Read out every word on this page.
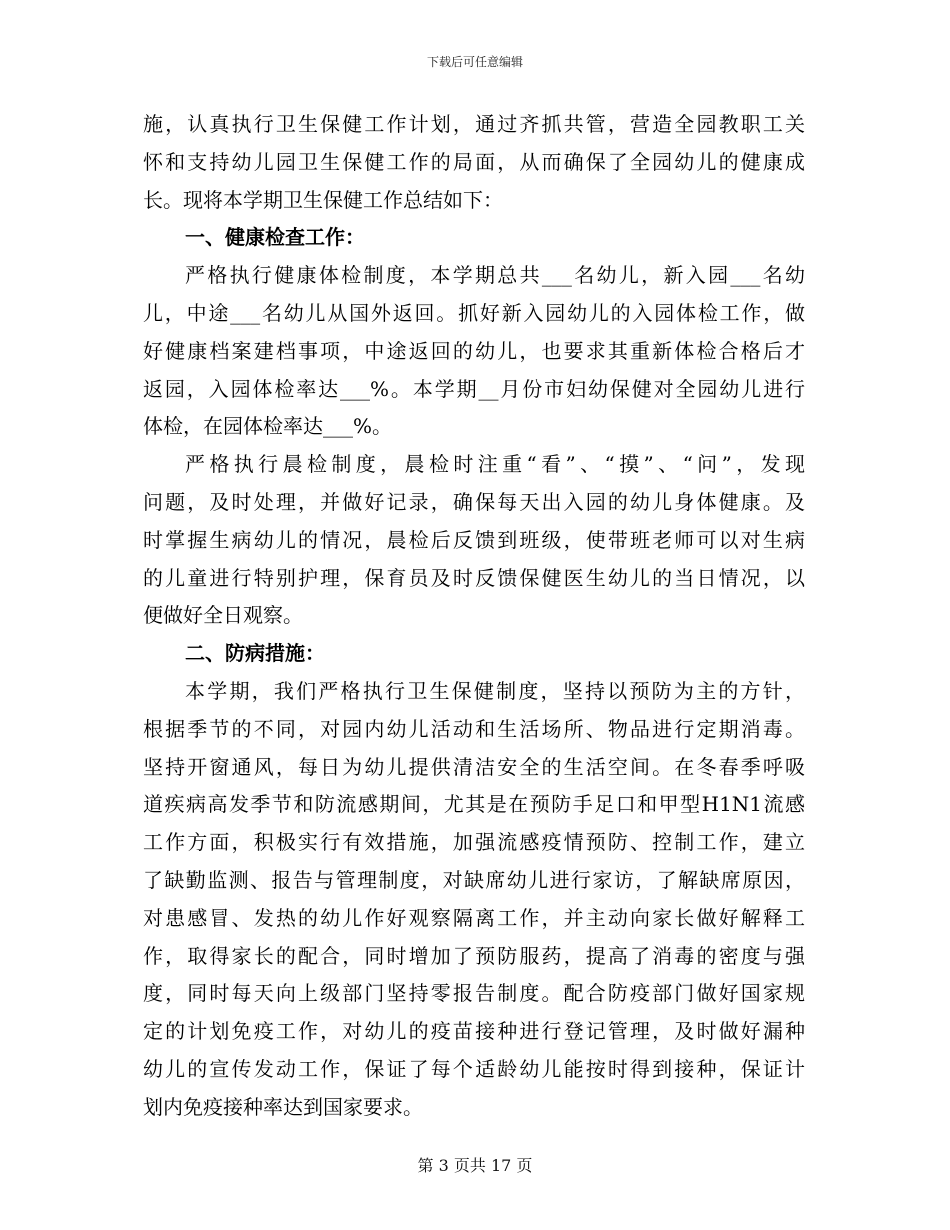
下载后可任意编辑
施，认真执行卫生保健工作计划，通过齐抓共管，营造全园教职工关
怀和支持幼儿园卫生保健工作的局面，从而确保了全园幼儿的健康成
长。现将本学期卫生保健工作总结如下：
一、健康检查工作：
严格执行健康体检制度，本学期总共___名幼儿，新入园___名幼
儿，中途___名幼儿从国外返回。抓好新入园幼儿的入园体检工作，做
好健康档案建档事项，中途返回的幼儿，也要求其重新体检合格后才
返园，入园体检率达___%。本学期__月份市妇幼保健对全园幼儿进行
体检，在园体检率达___%。
严格执行晨检制度，晨检时注重“看”、“摸”、“问”，发现
问题，及时处理，并做好记录，确保每天出入园的幼儿身体健康。及
时掌握生病幼儿的情况，晨检后反馈到班级，使带班老师可以对生病
的儿童进行特别护理，保育员及时反馈保健医生幼儿的当日情况，以
便做好全日观察。
二、防病措施：
本学期，我们严格执行卫生保健制度，坚持以预防为主的方针，
根据季节的不同，对园内幼儿活动和生活场所、物品进行定期消毒。
坚持开窗通风，每日为幼儿提供清洁安全的生活空间。在冬春季呼吸
道疾病高发季节和防流感期间，尤其是在预防手足口和甲型H1N1流感
工作方面，积极实行有效措施，加强流感疫情预防、控制工作，建立
了缺勤监测、报告与管理制度，对缺席幼儿进行家访，了解缺席原因，
对患感冒、发热的幼儿作好观察隔离工作，并主动向家长做好解释工
作，取得家长的配合，同时增加了预防服药，提高了消毒的密度与强
度，同时每天向上级部门坚持零报告制度。配合防疫部门做好国家规
定的计划免疫工作，对幼儿的疫苗接种进行登记管理，及时做好漏种
幼儿的宣传发动工作，保证了每个适龄幼儿能按时得到接种，保证计
划内免疫接种率达到国家要求。
第 3 页共 17 页
